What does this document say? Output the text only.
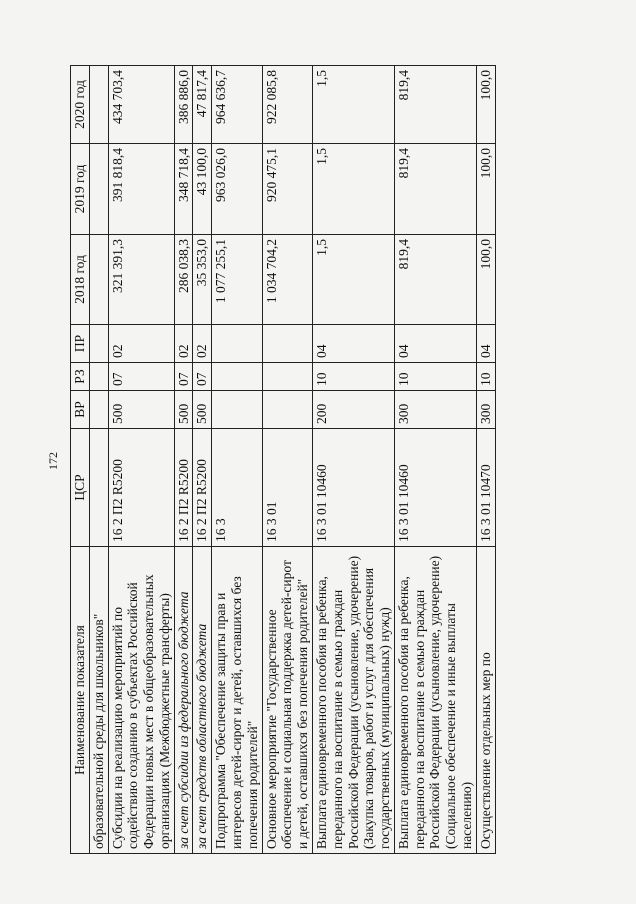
172
Наименование показателя	ЦСР	ВР	РЗ	ПР	2018 год	2019 год	2020 год
образовательной среды для школьников"							
Субсидии на реализацию мероприятий по содействию созданию в субъектах Российской Федерации новых мест в общеобразовательных организациях (Межбюджетные трансферты)	16 2 П2 R5200	500	07	02	321 391,3	391 818,4	434 703,4
за счет субсидии из федерального бюджета	16 2 П2 R5200	500	07	02	286 038,3	348 718,4	386 886,0
за счет средств областного бюджета	16 2 П2 R5200	500	07	02	35 353,0	43 100,0	47 817,4
Подпрограмма "Обеспечение защиты прав и интересов детей-сирот и детей, оставшихся без попечения родителей"	16 3				1 077 255,1	963 026,0	964 636,7
Основное мероприятие "Государственное обеспечение и социальная поддержка детей-сирот и детей, оставшихся без попечения родителей"	16 3 01				1 034 704,2	920 475,1	922 085,8
Выплата единовременного пособия на ребенка, переданного на воспитание в семью граждан Российской Федерации (усыновление, удочерение) (Закупка товаров, работ и услуг для обеспечения государственных (муниципальных) нужд)	16 3 01 10460	200	10	04	1,5	1,5	1,5
Выплата единовременного пособия на ребенка, переданного на воспитание в семью граждан Российской Федерации (усыновление, удочерение) (Социальное обеспечение и иные выплаты населению)	16 3 01 10460	300	10	04	819,4	819,4	819,4
Осуществление отдельных мер по	16 3 01 10470	300	10	04	100,0	100,0	100,0
